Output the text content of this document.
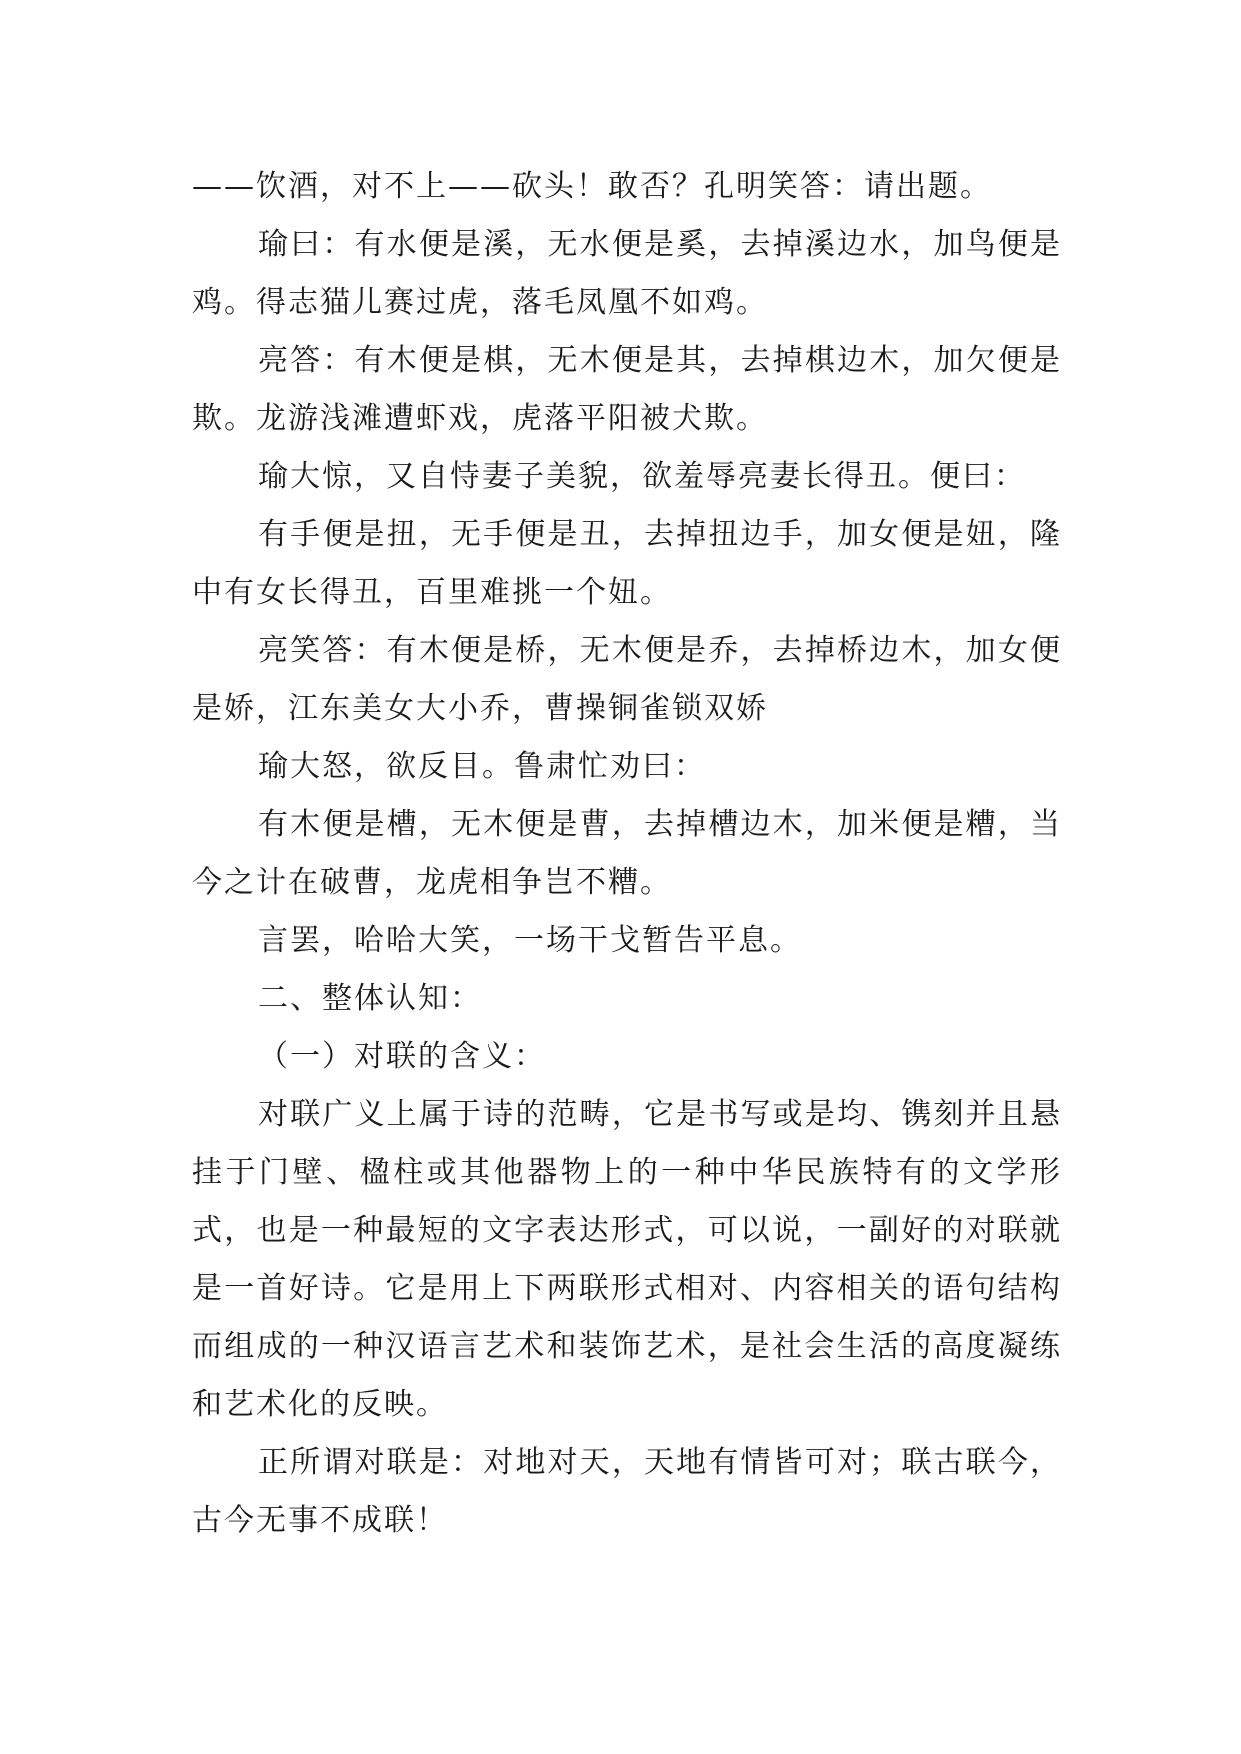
——饮酒，对不上——砍头！敢否？孔明笑答：请出题。

瑜曰：有水便是溪，无水便是奚，去掉溪边水，加鸟便是鸡。得志猫儿赛过虎，落毛凤凰不如鸡。

亮答：有木便是棋，无木便是其，去掉棋边木，加欠便是欺。龙游浅滩遭虾戏，虎落平阳被犬欺。

瑜大惊，又自恃妻子美貌，欲羞辱亮妻长得丑。便曰：

有手便是扭，无手便是丑，去掉扭边手，加女便是妞，隆中有女长得丑，百里难挑一个妞。

亮笑答：有木便是桥，无木便是乔，去掉桥边木，加女便是娇，江东美女大小乔，曹操铜雀锁双娇

瑜大怒，欲反目。鲁肃忙劝曰：

有木便是槽，无木便是曹，去掉槽边木，加米便是糟，当今之计在破曹，龙虎相争岂不糟。

言罢，哈哈大笑，一场干戈暂告平息。

二、整体认知：

（一）对联的含义：

对联广义上属于诗的范畴，它是书写或是均、镌刻并且悬挂于门壁、楹柱或其他器物上的一种中华民族特有的文学形式，也是一种最短的文字表达形式，可以说，一副好的对联就是一首好诗。它是用上下两联形式相对、内容相关的语句结构而组成的一种汉语言艺术和装饰艺术，是社会生活的高度凝练和艺术化的反映。

正所谓对联是：对地对天，天地有情皆可对；联古联今，古今无事不成联！
